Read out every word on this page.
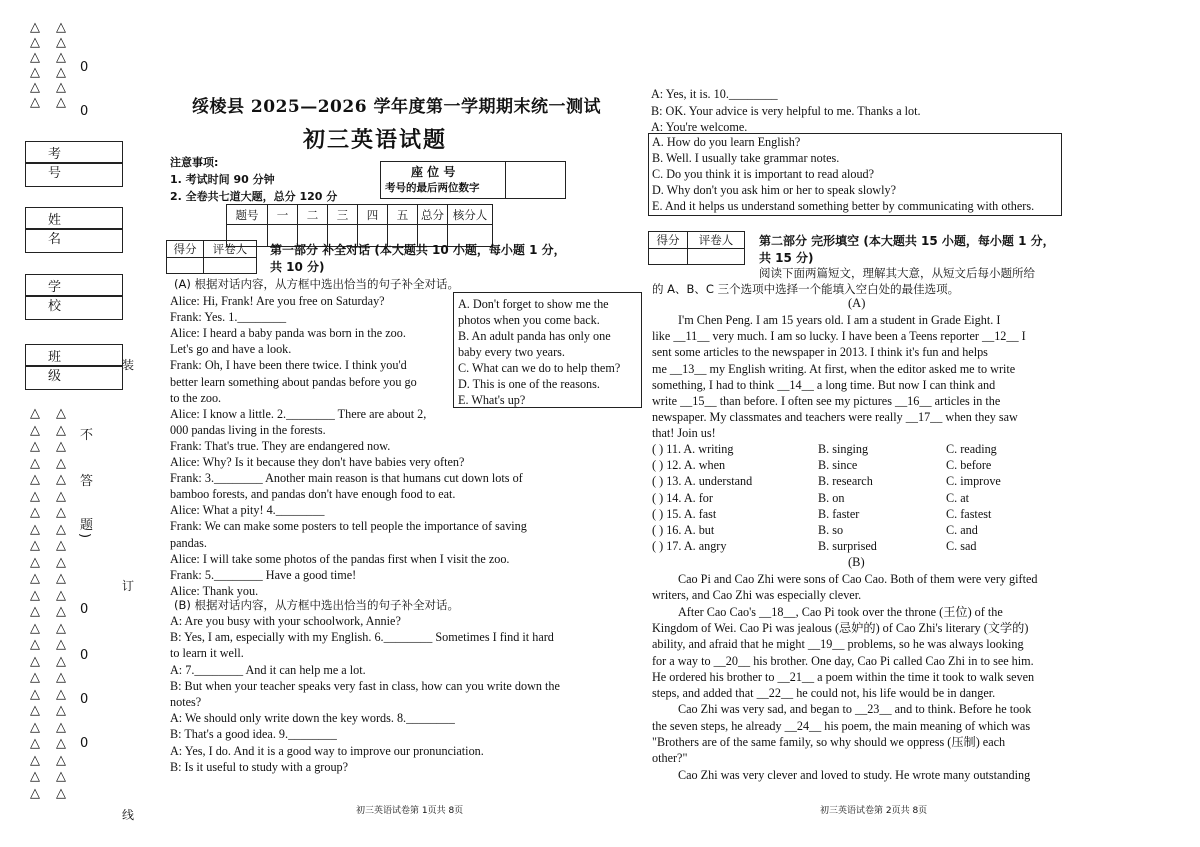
△
△
△
△
△
△
△
△
△
△
△
△
0
0
考 号
姓 名
学 校
班 级
△
△
△
△
△
△
△
△
△
△
△
△
△
△
△
△
△
△
△
△
△
△
△
△
△
△
△
△
△
△
△
△
△
△
△
△
△
△
△
△
△
△
△
△
△
△
△
△
不
答
题
)
0
0
0
0
装
订
线
绥棱县 2025—2026 学年度第一学期期末统一测试
初三英语试题
注意事项:
1. 考试时间 90 分钟
2. 全卷共七道大题，总分 120 分
座 位 号
考号的最后两位数字
题号	一	二	三	四	五	总分	核分人

得分	评卷人
	第一部分 补全对话 (本大题共 10 小题，每小题 1 分，
共 10 分)
(A) 根据对话内容，从方框中选出恰当的句子补全对话。
A. Don't forget to show me the
photos when you come back.
B. An adult panda has only one
baby every two years.
C. What can we do to help them?
D. This is one of the reasons.
E. What's up?
Alice: Hi, Frank! Are you free on Saturday?
Frank: Yes. 1.________
Alice: I heard a baby panda was born in the zoo.
Let's go and have a look.
Frank: Oh, I have been there twice. I think you'd
better learn something about pandas before you go
to the zoo.
Alice: I know a little. 2.________ There are about 2,
000 pandas living in the forests.
Frank: That's true. They are endangered now.
Alice: Why? Is it because they don't have babies very often?
Frank: 3.________ Another main reason is that humans cut down lots of
bamboo forests, and pandas don't have enough food to eat.
Alice: What a pity! 4.________
Frank: We can make some posters to tell people the importance of saving
pandas.
Alice: I will take some photos of the pandas first when I visit the zoo.
Frank: 5.________ Have a good time!
Alice: Thank you.
(B) 根据对话内容，从方框中选出恰当的句子补全对话。
A: Are you busy with your schoolwork, Annie?
B: Yes, I am, especially with my English. 6.________ Sometimes I find it hard
to learn it well.
A: 7.________ And it can help me a lot.
B: But when your teacher speaks very fast in class, how can you write down the
notes?
A: We should only write down the key words. 8.________
B: That's a good idea. 9.________
A: Yes, I do. And it is a good way to improve our pronunciation.
B: Is it useful to study with a group?
初三英语试卷第 1页共 8页
A: Yes, it is. 10.________
B: OK. Your advice is very helpful to me. Thanks a lot.
A: You're welcome.
A. How do you learn English?
B. Well. I usually take grammar notes.
C. Do you think it is important to read aloud?
D. Why don't you ask him or her to speak slowly?
E. And it helps us understand something better by communicating with others.
得分	评卷人
	第二部分 完形填空 (本大题共 15 小题，每小题 1 分，
共 15 分)
阅读下面两篇短文，理解其大意，从短文后每小题所给
的 A、B、C 三个选项中选择一个能填入空白处的最佳选项。
(A)
I'm Chen Peng. I am 15 years old. I am a student in Grade Eight. I
like __11__ very much. I am so lucky. I have been a Teens reporter __12__ I
sent some articles to the newspaper in 2013. I think it's fun and helps
me __13__ my English writing. At first, when the editor asked me to write
something, I had to think __14__ a long time. But now I can think and
write __15__ than before. I often see my pictures __16__ articles in the
newspaper. My classmates and teachers were really __17__ when they saw
that! Join us!
( ) 11. A. writing	B. singing	C. reading
( ) 12. A. when	B. since	C. before
( ) 13. A. understand	B. research	C. improve
( ) 14. A. for	B. on	C. at
( ) 15. A. fast	B. faster	C. fastest
( ) 16. A. but	B. so	C. and
( ) 17. A. angry	B. surprised	C. sad
(B)
Cao Pi and Cao Zhi were sons of Cao Cao. Both of them were very gifted
writers, and Cao Zhi was especially clever.
After Cao Cao's __18__, Cao Pi took over the throne (王位) of the
Kingdom of Wei. Cao Pi was jealous (忌妒的) of Cao Zhi's literary (文学的)
ability, and afraid that he might __19__ problems, so he was always looking
for a way to __20__ his brother. One day, Cao Pi called Cao Zhi in to see him.
He ordered his brother to __21__ a poem within the time it took to walk seven
steps, and added that __22__ he could not, his life would be in danger.
Cao Zhi was very sad, and began to __23__ and to think. Before he took
the seven steps, he already __24__ his poem, the main meaning of which was
"Brothers are of the same family, so why should we oppress (压制) each
other?"
Cao Zhi was very clever and loved to study. He wrote many outstanding
初三英语试卷第 2页共 8页
